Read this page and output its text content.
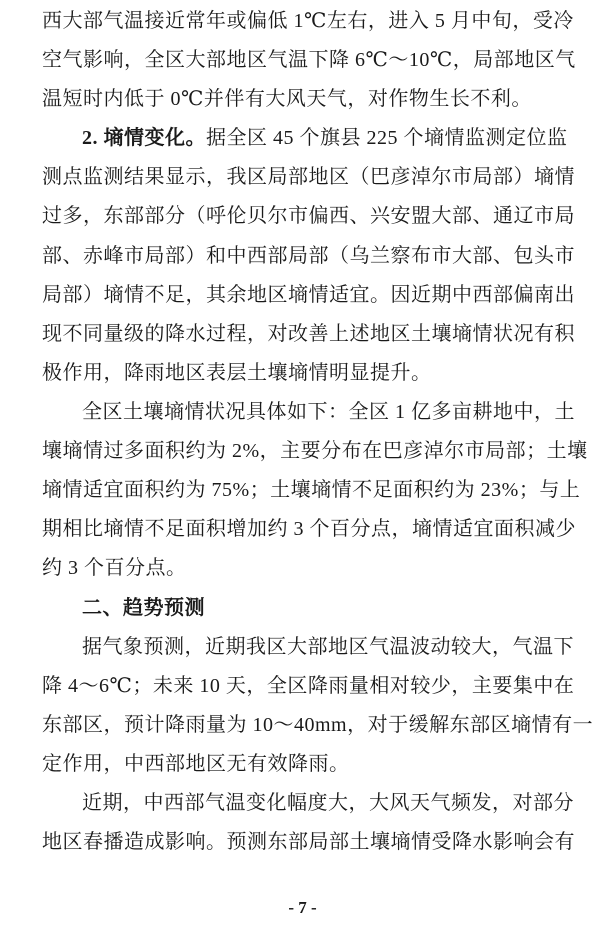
西大部气温接近常年或偏低 1℃左右，进入 5 月中旬，受冷
空气影响，全区大部地区气温下降 6℃～10℃，局部地区气
温短时内低于 0℃并伴有大风天气，对作物生长不利。
2. 墒情变化。据全区 45 个旗县 225 个墒情监测定位监
测点监测结果显示，我区局部地区（巴彦淖尔市局部）墒情
过多，东部部分（呼伦贝尔市偏西、兴安盟大部、通辽市局
部、赤峰市局部）和中西部局部（乌兰察布市大部、包头市
局部）墒情不足，其余地区墒情适宜。因近期中西部偏南出
现不同量级的降水过程，对改善上述地区土壤墒情状况有积
极作用，降雨地区表层土壤墒情明显提升。
全区土壤墒情状况具体如下：全区 1 亿多亩耕地中，土
壤墒情过多面积约为 2%，主要分布在巴彦淖尔市局部；土壤
墒情适宜面积约为 75%；土壤墒情不足面积约为 23%；与上
期相比墒情不足面积增加约 3 个百分点，墒情适宜面积减少
约 3 个百分点。
二、趋势预测
据气象预测，近期我区大部地区气温波动较大，气温下
降 4～6℃；未来 10 天，全区降雨量相对较少，主要集中在
东部区，预计降雨量为 10～40mm，对于缓解东部区墒情有一
定作用，中西部地区无有效降雨。
近期，中西部气温变化幅度大，大风天气频发，对部分
地区春播造成影响。预测东部局部土壤墒情受降水影响会有
- 7 -
